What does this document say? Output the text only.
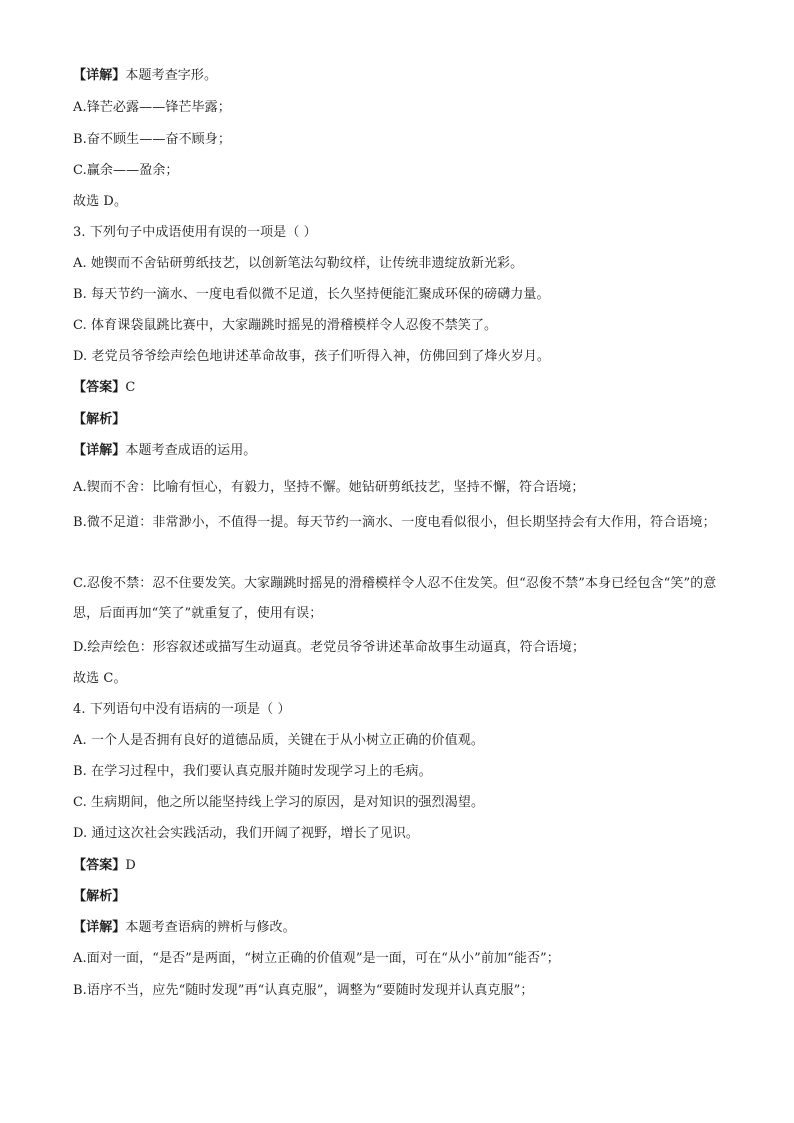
【详解】本题考查字形。
A.锋芒必露——锋芒毕露；
B.奋不顾生——奋不顾身；
C.赢余——盈余；
故选 D。
3. 下列句子中成语使用有误的一项是（ ）
A. 她锲而不舍钻研剪纸技艺，以创新笔法勾勒纹样，让传统非遗绽放新光彩。
B. 每天节约一滴水、一度电看似微不足道，长久坚持便能汇聚成环保的磅礴力量。
C. 体育课袋鼠跳比赛中，大家蹦跳时摇晃的滑稽模样令人忍俊不禁笑了。
D. 老党员爷爷绘声绘色地讲述革命故事，孩子们听得入神，仿佛回到了烽火岁月。
【答案】C
【解析】
【详解】本题考查成语的运用。
A.锲而不舍：比喻有恒心，有毅力，坚持不懈。她钻研剪纸技艺，坚持不懈，符合语境；
B.微不足道：非常渺小，不值得一提。每天节约一滴水、一度电看似很小，但长期坚持会有大作用，符合语境；
C.忍俊不禁：忍不住要发笑。大家蹦跳时摇晃的滑稽模样令人忍不住发笑。但“忍俊不禁”本身已经包含“笑”的意思，后面再加“笑了”就重复了，使用有误；
D.绘声绘色：形容叙述或描写生动逼真。老党员爷爷讲述革命故事生动逼真，符合语境；
故选 C。
4. 下列语句中没有语病的一项是（ ）
A. 一个人是否拥有良好的道德品质，关键在于从小树立正确的价值观。
B. 在学习过程中，我们要认真克服并随时发现学习上的毛病。
C. 生病期间，他之所以能坚持线上学习的原因，是对知识的强烈渴望。
D. 通过这次社会实践活动，我们开阔了视野，增长了见识。
【答案】D
【解析】
【详解】本题考查语病的辨析与修改。
A.面对一面，“是否”是两面，“树立正确的价值观”是一面，可在“从小”前加“能否”；
B.语序不当，应先“随时发现”再“认真克服”，调整为“要随时发现并认真克服”；
